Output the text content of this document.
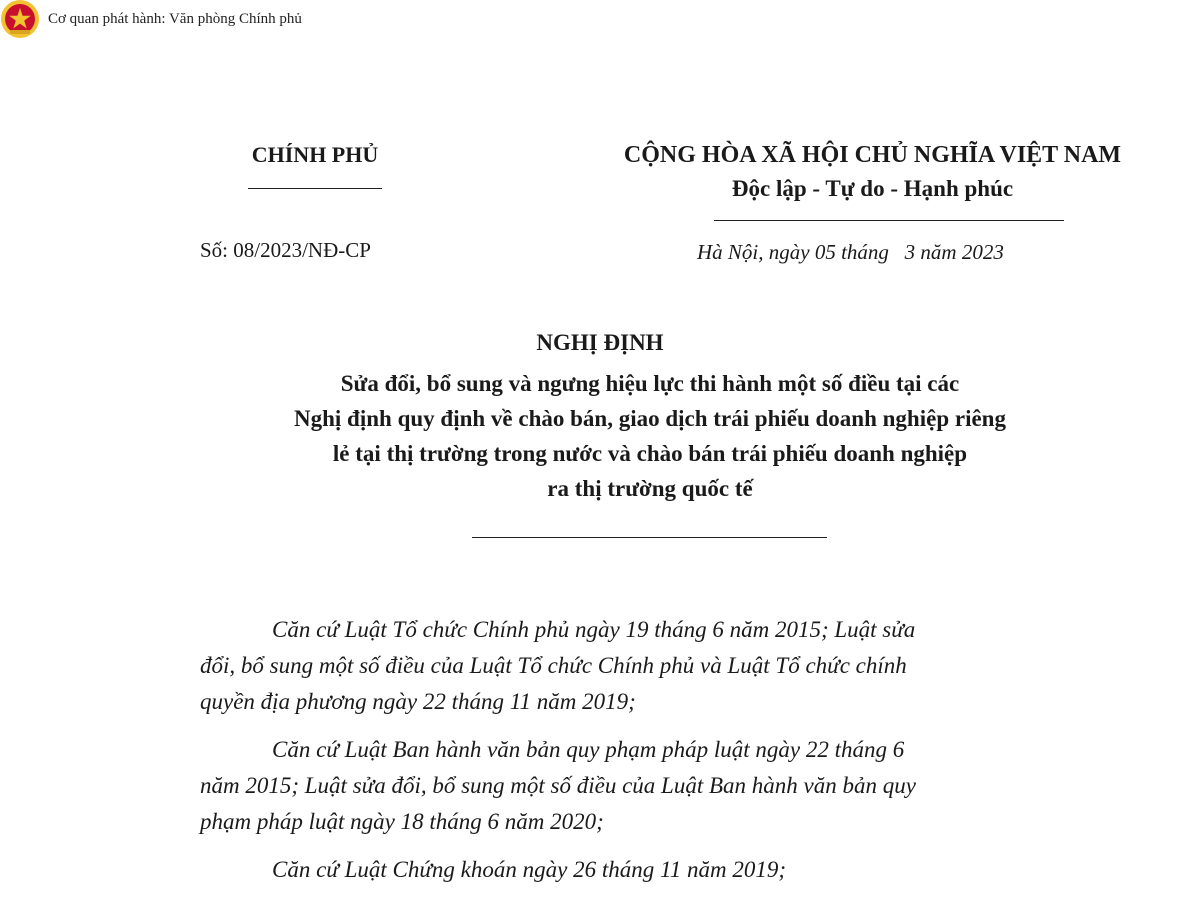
Cơ quan phát hành: Văn phòng Chính phủ
CHÍNH PHỦ
Số: 08/2023/NĐ-CP
CỘNG HÒA XÃ HỘI CHỦ NGHĨA VIỆT NAM
Độc lập - Tự do - Hạnh phúc
Hà Nội, ngày 05 tháng   3 năm 2023
NGHỊ ĐỊNH
Sửa đổi, bổ sung và ngưng hiệu lực thi hành một số điều tại các
Nghị định quy định về chào bán, giao dịch trái phiếu doanh nghiệp riêng
lẻ tại thị trường trong nước và chào bán trái phiếu doanh nghiệp
ra thị trường quốc tế
Căn cứ Luật Tổ chức Chính phủ ngày 19 tháng 6 năm 2015; Luật sửa
đổi, bổ sung một số điều của Luật Tổ chức Chính phủ và Luật Tổ chức chính
quyền địa phương ngày 22 tháng 11 năm 2019;
Căn cứ Luật Ban hành văn bản quy phạm pháp luật ngày 22 tháng 6
năm 2015; Luật sửa đổi, bổ sung một số điều của Luật Ban hành văn bản quy
phạm pháp luật ngày 18 tháng 6 năm 2020;
Căn cứ Luật Chứng khoán ngày 26 tháng 11 năm 2019;
